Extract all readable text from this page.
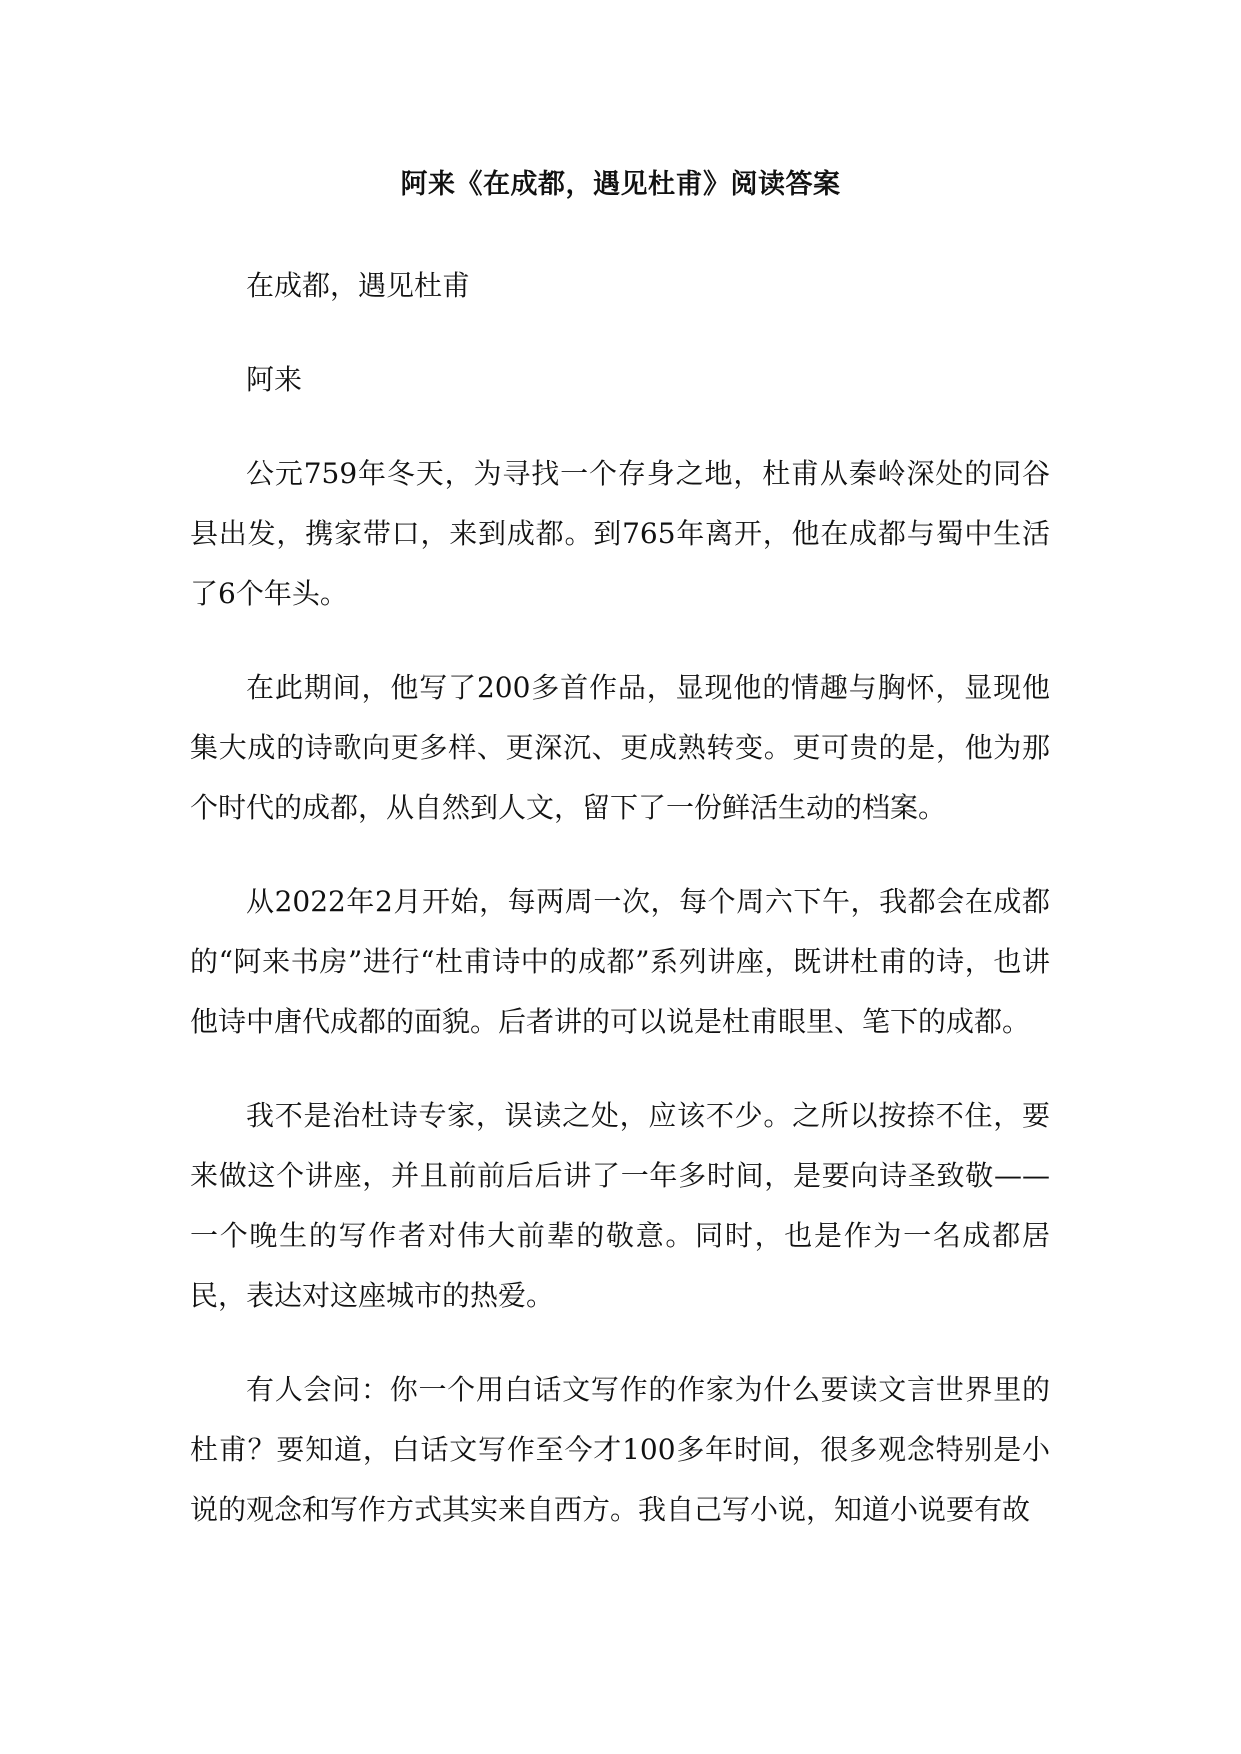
阿来《在成都，遇见杜甫》阅读答案

在成都，遇见杜甫

阿来

公元759年冬天，为寻找一个存身之地，杜甫从秦岭深处的同谷县出发，携家带口，来到成都。到765年离开，他在成都与蜀中生活了6个年头。

在此期间，他写了200多首作品，显现他的情趣与胸怀，显现他集大成的诗歌向更多样、更深沉、更成熟转变。更可贵的是，他为那个时代的成都，从自然到人文，留下了一份鲜活生动的档案。

从2022年2月开始，每两周一次，每个周六下午，我都会在成都的“阿来书房”进行“杜甫诗中的成都”系列讲座，既讲杜甫的诗，也讲他诗中唐代成都的面貌。后者讲的可以说是杜甫眼里、笔下的成都。

我不是治杜诗专家，误读之处，应该不少。之所以按捺不住，要来做这个讲座，并且前前后后讲了一年多时间，是要向诗圣致敬——一个晚生的写作者对伟大前辈的敬意。同时，也是作为一名成都居民，表达对这座城市的热爱。

有人会问：你一个用白话文写作的作家为什么要读文言世界里的杜甫？要知道，白话文写作至今才100多年时间，很多观念特别是小说的观念和写作方式其实来自西方。我自己写小说，知道小说要有故
